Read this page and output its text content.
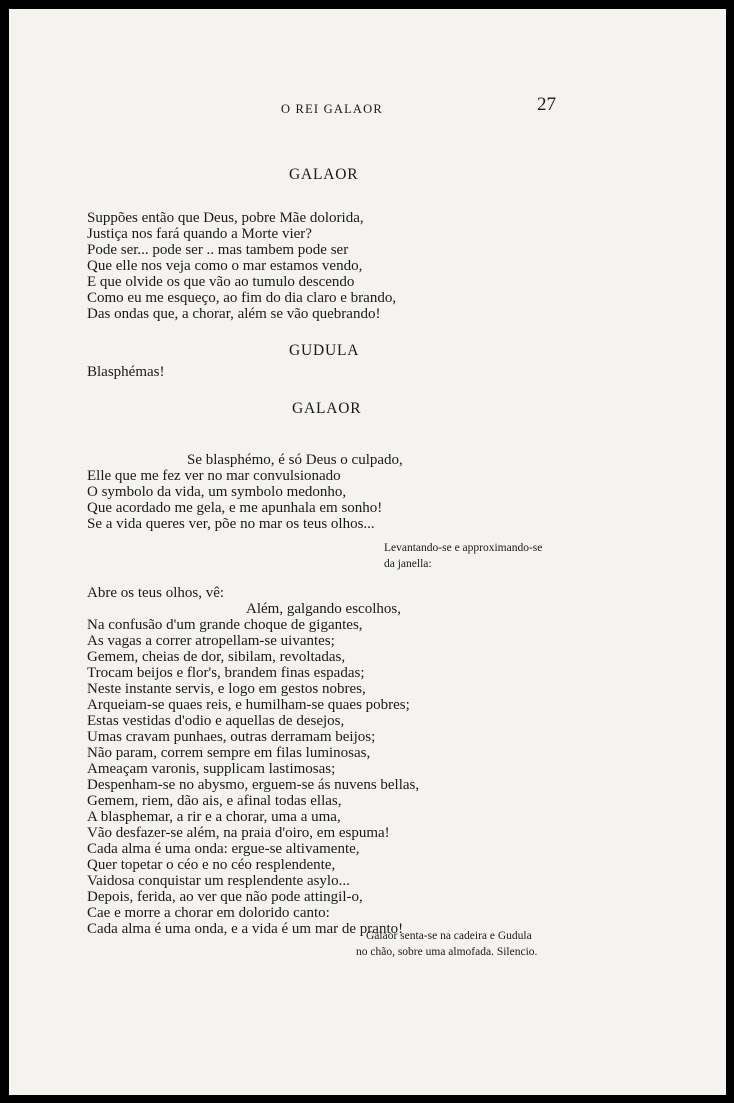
O REI GALAOR	27
GALAOR
Suppões então que Deus, pobre Mãe dolorida,
Justiça nos fará quando a Morte vier?
Pode ser... pode ser .. mas tambem pode ser
Que elle nos veja como o mar estamos vendo,
E que olvide os que vão ao tumulo descendo
Como eu me esqueço, ao fim do dia claro e brando,
Das ondas que, a chorar, além se vão quebrando!
GUDULA
Blasphémas!
GALAOR
Se blasphémo, é só Deus o culpado,
Elle que me fez ver no mar convulsionado
O symbolo da vida, um symbolo medonho,
Que acordado me gela, e me apunhala em sonho!
Se a vida queres ver, põe no mar os teus olhos...
Levantando-se e approximando-se
da janella:
Abre os teus olhos, vê:
Além, galgando escolhos,
Na confusão d'um grande choque de gigantes,
As vagas a correr atropellam-se uivantes;
Gemem, cheias de dor, sibilam, revoltadas,
Trocam beijos e flor's, brandem finas espadas;
Neste instante servis, e logo em gestos nobres,
Arqueiam-se quaes reis, e humilham-se quaes pobres;
Estas vestidas d'odio e aquellas de desejos,
Umas cravam punhaes, outras derramam beijos;
Não param, correm sempre em filas luminosas,
Ameaçam varonis, supplicam lastimosas;
Despenham-se no abysmo, erguem-se ás nuvens bellas,
Gemem, riem, dão ais, e afinal todas ellas,
A blasphemar, a rir e a chorar, uma a uma,
Vão desfazer-se além, na praia d'oiro, em espuma!
Cada alma é uma onda: ergue-se altivamente,
Quer topetar o céo e no céo resplendente,
Vaidosa conquistar um resplendente asylo...
Depois, ferida, ao ver que não pode attingil-o,
Cae e morre a chorar em dolorido canto:
Cada alma é uma onda, e a vida é um mar de pranto!
Galaor senta-se na cadeira e Gudula
no chão, sobre uma almofada. Silencio.
